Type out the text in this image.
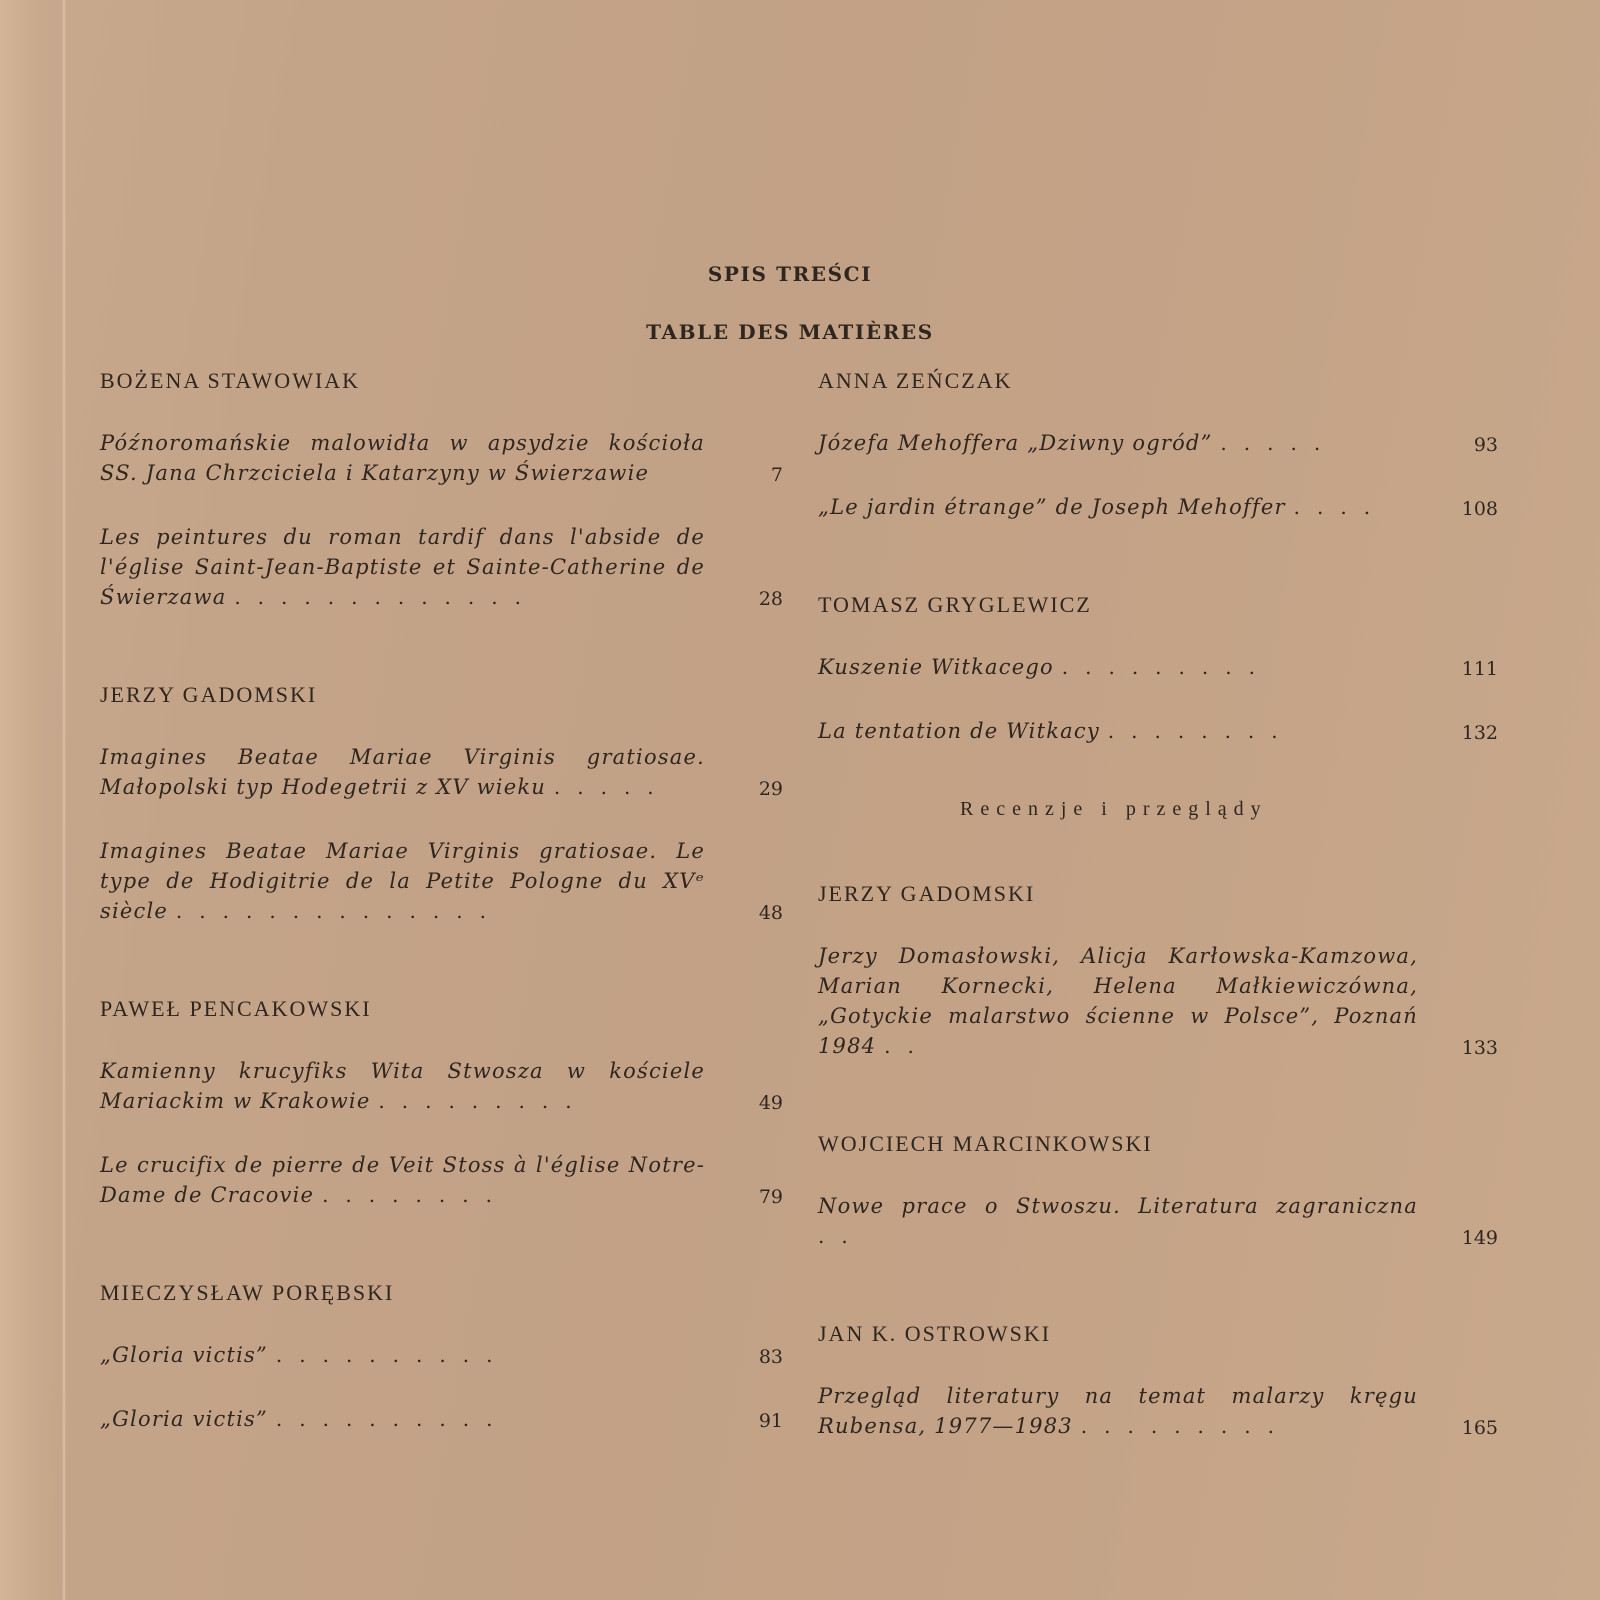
SPIS TREŚCI
TABLE DES MATIÈRES
BOŻENA STAWOWIAK
Późnoromańskie malowidła w apsydzie kościoła SS. Jana Chrzciciela i Katarzyny w Świerzawie	7
Les peintures du roman tardif dans l'abside de l'église Saint-Jean-Baptiste et Sainte-Catherine de Świerzawa .............	28
JERZY GADOMSKI
Imagines Beatae Mariae Virginis gratiosae. Małopolski typ Hodegetrii z XV wieku .....	29
Imagines Beatae Mariae Virginis gratiosae. Le type de Hodigitrie de la Petite Pologne du XVᵉ siècle ..............	48
PAWEŁ PENCAKOWSKI
Kamienny krucyfiks Wita Stwosza w kościele Mariackim w Krakowie .........	49
Le crucifix de pierre de Veit Stoss à l'église Notre-Dame de Cracovie ........	79
MIECZYSŁAW PORĘBSKI
„Gloria victis” ..........	83
„Gloria victis” ..........	91
ANNA ZEŃCZAK
Józefa Mehoffera „Dziwny ogród” .....	93
„Le jardin étrange” de Joseph Mehoffer ....	108
TOMASZ GRYGLEWICZ
Kuszenie Witkacego .........	111
La tentation de Witkacy ........	132
Recenzje i przeglądy
JERZY GADOMSKI
Jerzy Domasłowski, Alicja Karłowska-Kamzowa, Marian Kornecki, Helena Małkiewiczówna, „Gotyckie malarstwo ścienne w Polsce”, Poznań 1984 ..	133
WOJCIECH MARCINKOWSKI
Nowe prace o Stwoszu. Literatura zagraniczna ..	149
JAN K. OSTROWSKI
Przegląd literatury na temat malarzy kręgu Rubensa, 1977—1983 .........	165
